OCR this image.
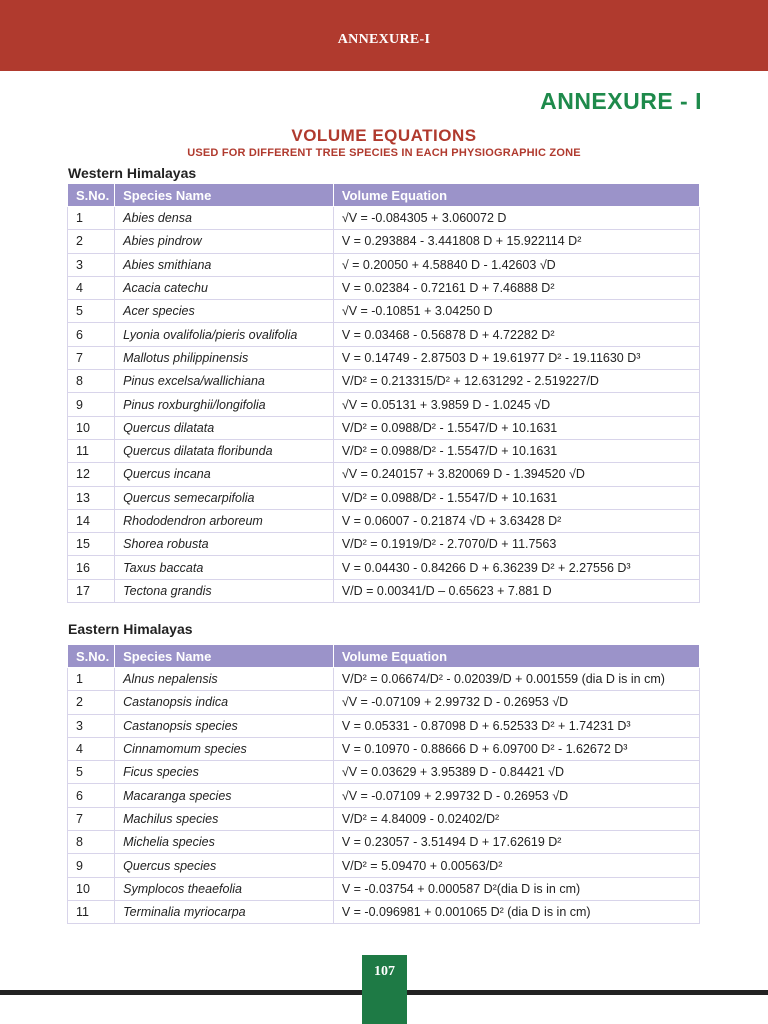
ANNEXURE-I
ANNEXURE - I
VOLUME EQUATIONS
USED FOR DIFFERENT TREE SPECIES IN EACH PHYSIOGRAPHIC ZONE
Western Himalayas
S.No.	Species Name	Volume Equation
1	Abies densa	√V = -0.084305 + 3.060072 D
2	Abies pindrow	V = 0.293884 - 3.441808 D + 15.922114 D²
3	Abies smithiana	√ = 0.20050 + 4.58840 D - 1.42603 √D
4	Acacia catechu	V = 0.02384 - 0.72161 D + 7.46888 D²
5	Acer species	√V = -0.10851 + 3.04250 D
6	Lyonia ovalifolia/pieris ovalifolia	V = 0.03468 - 0.56878 D + 4.72282 D²
7	Mallotus philippinensis	V = 0.14749 - 2.87503 D + 19.61977 D² - 19.11630 D³
8	Pinus excelsa/wallichiana	V/D² = 0.213315/D² + 12.631292 - 2.519227/D
9	Pinus roxburghii/longifolia	√V = 0.05131 + 3.9859 D - 1.0245 √D
10	Quercus dilatata	V/D² = 0.0988/D² - 1.5547/D + 10.1631
11	Quercus dilatata floribunda	V/D² = 0.0988/D² - 1.5547/D + 10.1631
12	Quercus incana	√V = 0.240157 + 3.820069 D - 1.394520 √D
13	Quercus semecarpifolia	V/D² = 0.0988/D² - 1.5547/D + 10.1631
14	Rhododendron arboreum	V = 0.06007 - 0.21874 √D + 3.63428 D²
15	Shorea robusta	V/D² = 0.1919/D² - 2.7070/D + 11.7563
16	Taxus baccata	V = 0.04430 - 0.84266 D + 6.36239 D² + 2.27556 D³
17	Tectona grandis	V/D = 0.00341/D – 0.65623 + 7.881 D
Eastern Himalayas
S.No.	Species Name	Volume Equation
1	Alnus nepalensis	V/D² = 0.06674/D² - 0.02039/D + 0.001559 (dia D is in cm)
2	Castanopsis indica	√V = -0.07109 + 2.99732 D - 0.26953 √D
3	Castanopsis species	V = 0.05331 - 0.87098 D + 6.52533 D² + 1.74231 D³
4	Cinnamomum species	V = 0.10970 - 0.88666 D + 6.09700 D² - 1.62672 D³
5	Ficus species	√V = 0.03629 + 3.95389 D - 0.84421 √D
6	Macaranga species	√V = -0.07109 + 2.99732 D - 0.26953 √D
7	Machilus species	V/D² = 4.84009 - 0.02402/D²
8	Michelia species	V = 0.23057 - 3.51494 D + 17.62619 D²
9	Quercus species	V/D² = 5.09470 + 0.00563/D²
10	Symplocos theaefolia	V = -0.03754 + 0.000587 D²(dia D is in cm)
11	Terminalia myriocarpa	V = -0.096981 + 0.001065 D² (dia D is in cm)
107
